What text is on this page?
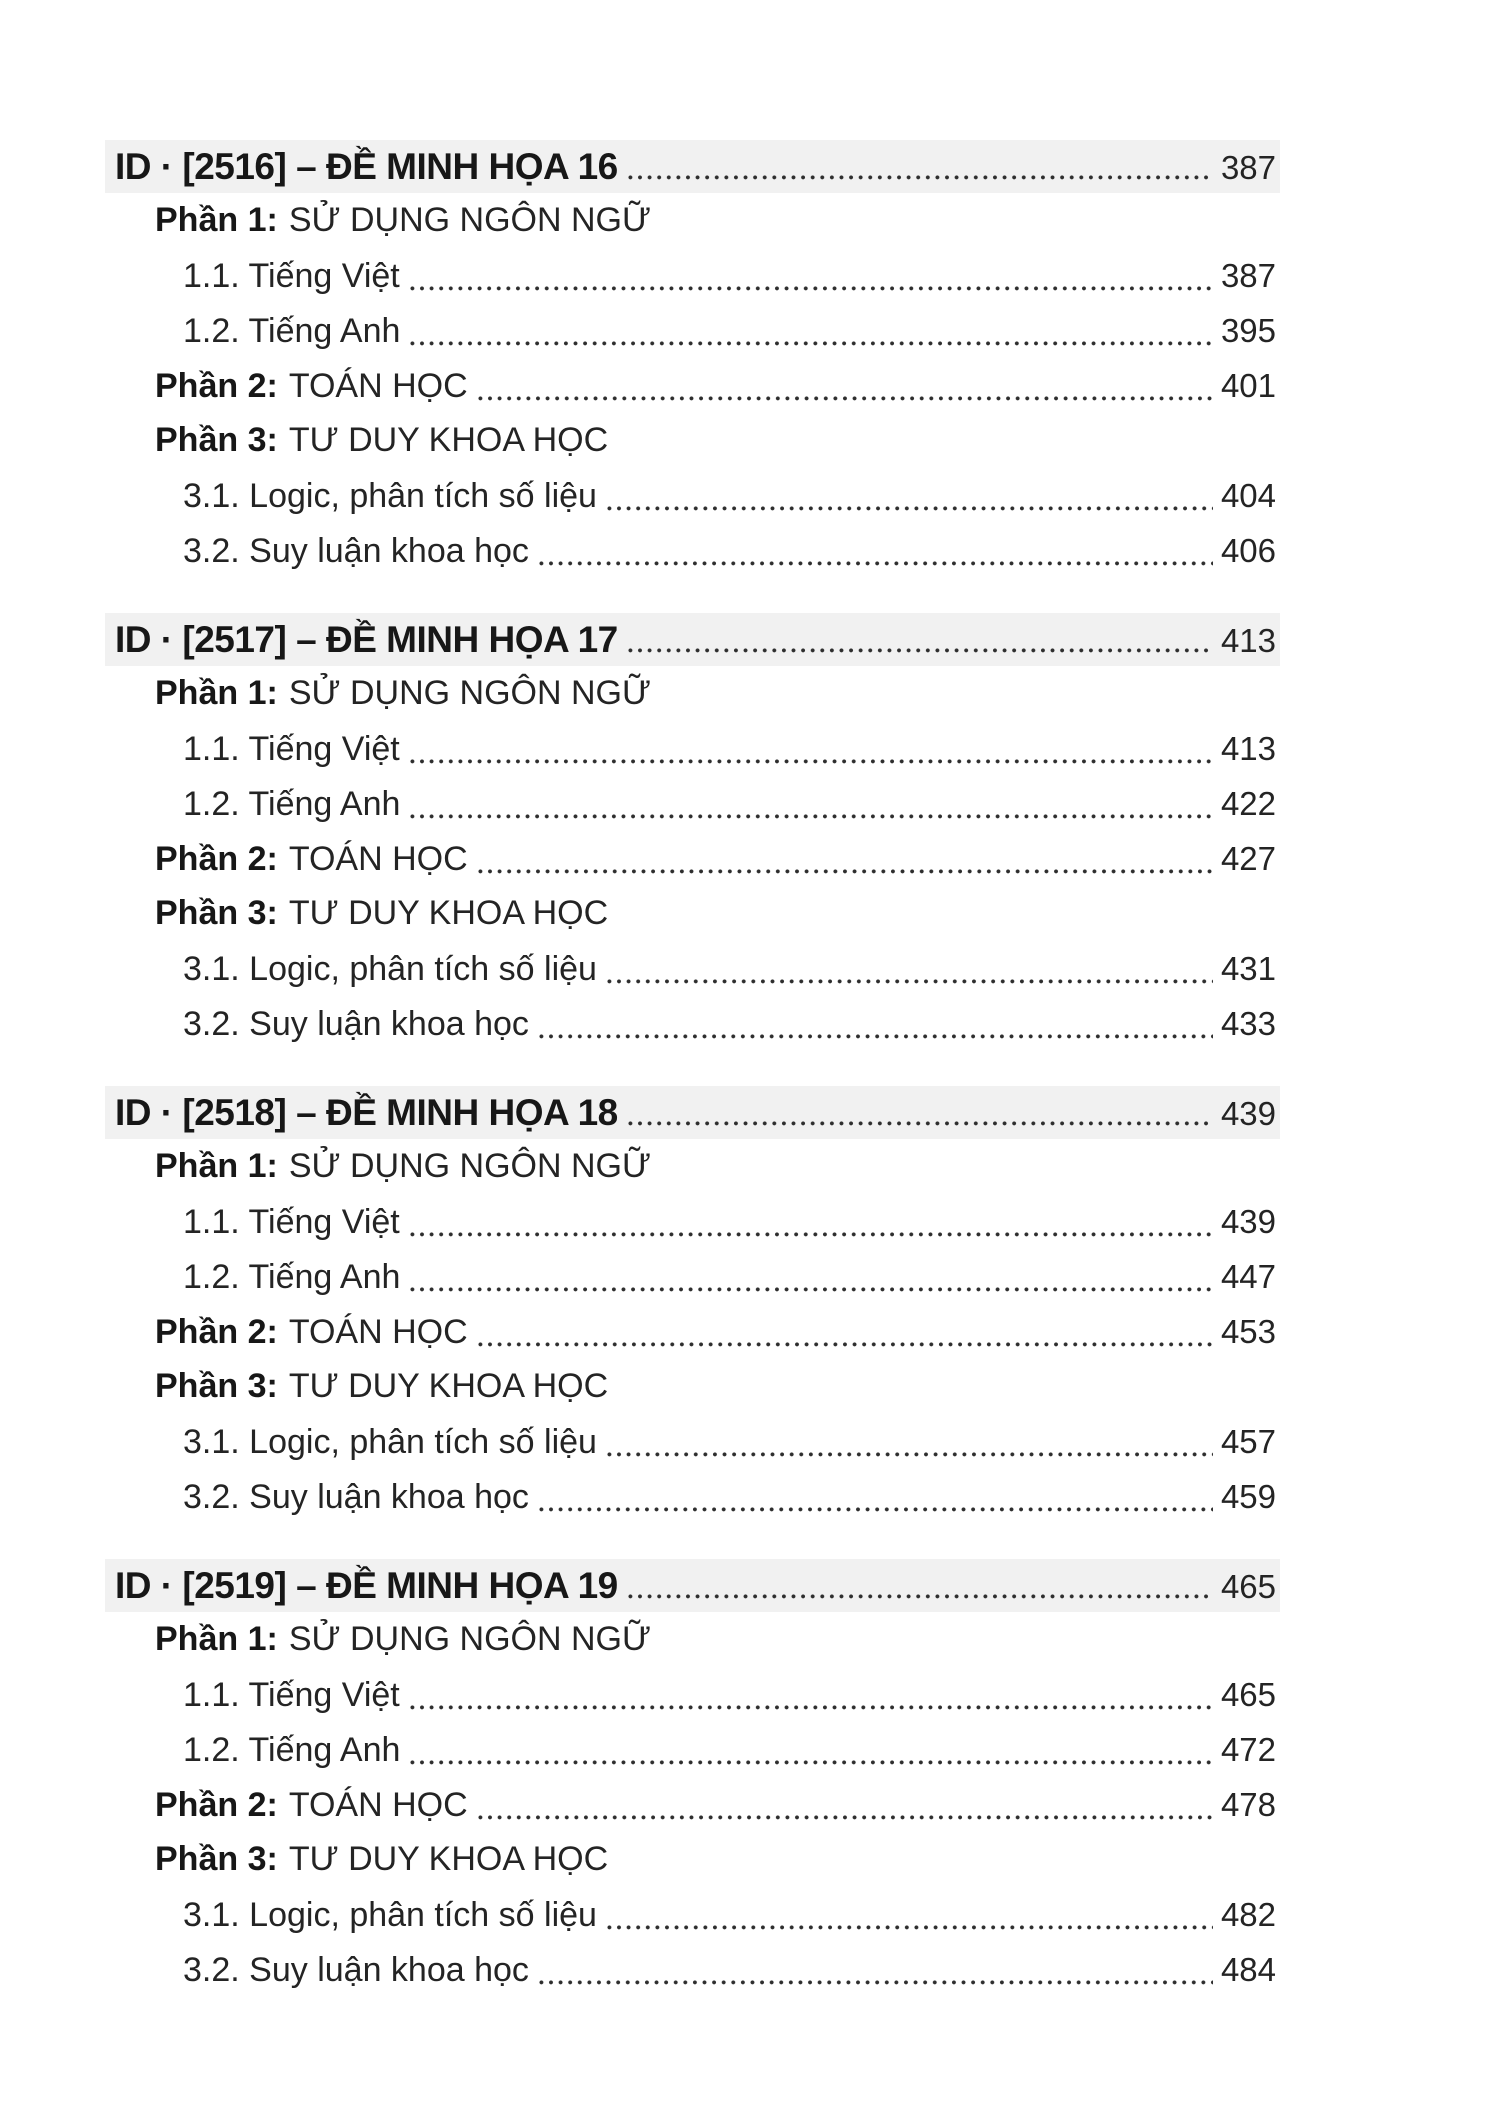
ID · [2516] – ĐỀ MINH HỌA 16	387
Phần 1: SỬ DỤNG NGÔN NGỮ
1.1. Tiếng Việt	387
1.2. Tiếng Anh	395
Phần 2: TOÁN HỌC	401
Phần 3: TƯ DUY KHOA HỌC
3.1. Logic, phân tích số liệu	404
3.2. Suy luận khoa học	406
ID · [2517] – ĐỀ MINH HỌA 17	413
Phần 1: SỬ DỤNG NGÔN NGỮ
1.1. Tiếng Việt	413
1.2. Tiếng Anh	422
Phần 2: TOÁN HỌC	427
Phần 3: TƯ DUY KHOA HỌC
3.1. Logic, phân tích số liệu	431
3.2. Suy luận khoa học	433
ID · [2518] – ĐỀ MINH HỌA 18	439
Phần 1: SỬ DỤNG NGÔN NGỮ
1.1. Tiếng Việt	439
1.2. Tiếng Anh	447
Phần 2: TOÁN HỌC	453
Phần 3: TƯ DUY KHOA HỌC
3.1. Logic, phân tích số liệu	457
3.2. Suy luận khoa học	459
ID · [2519] – ĐỀ MINH HỌA 19	465
Phần 1: SỬ DỤNG NGÔN NGỮ
1.1. Tiếng Việt	465
1.2. Tiếng Anh	472
Phần 2: TOÁN HỌC	478
Phần 3: TƯ DUY KHOA HỌC
3.1. Logic, phân tích số liệu	482
3.2. Suy luận khoa học	484
